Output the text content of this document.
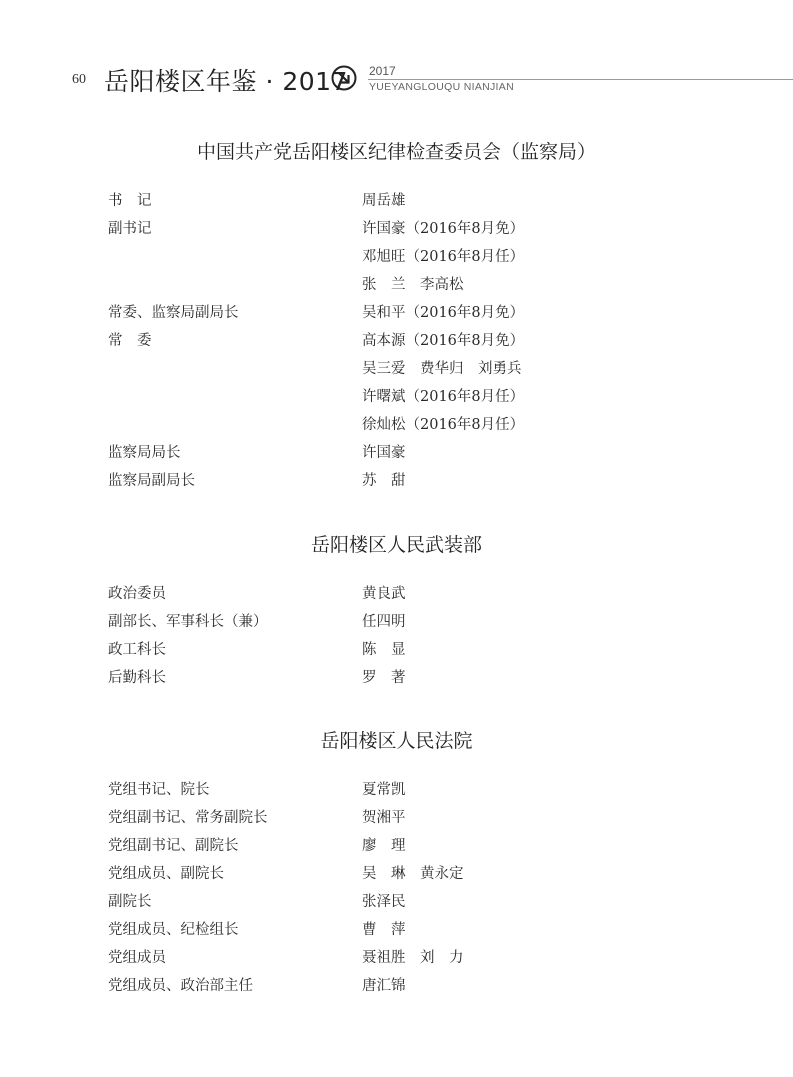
60 岳阳楼区年鉴 · 2017 2017
YUEYANGLOUQU NIANJIAN
中国共产党岳阳楼区纪律检查委员会（监察局）
书　记	周岳雄
副书记	许国豪（2016年8月免）
邓旭旺（2016年8月任）
张　兰　李高松
常委、监察局副局长	吴和平（2016年8月免）
常　委	高本源（2016年8月免）
吴三爱　费华归　刘勇兵
许曙斌（2016年8月任）
徐灿松（2016年8月任）
监察局局长	许国豪
监察局副局长	苏　甜
岳阳楼区人民武装部
政治委员	黄良武
副部长、军事科长（兼）	任四明
政工科长	陈　显
后勤科长	罗　著
岳阳楼区人民法院
党组书记、院长	夏常凯
党组副书记、常务副院长	贺湘平
党组副书记、副院长	廖　理
党组成员、副院长	吴　琳　黄永定
副院长	张泽民
党组成员、纪检组长	曹　萍
党组成员	聂祖胜　刘　力
党组成员、政治部主任	唐汇锦
